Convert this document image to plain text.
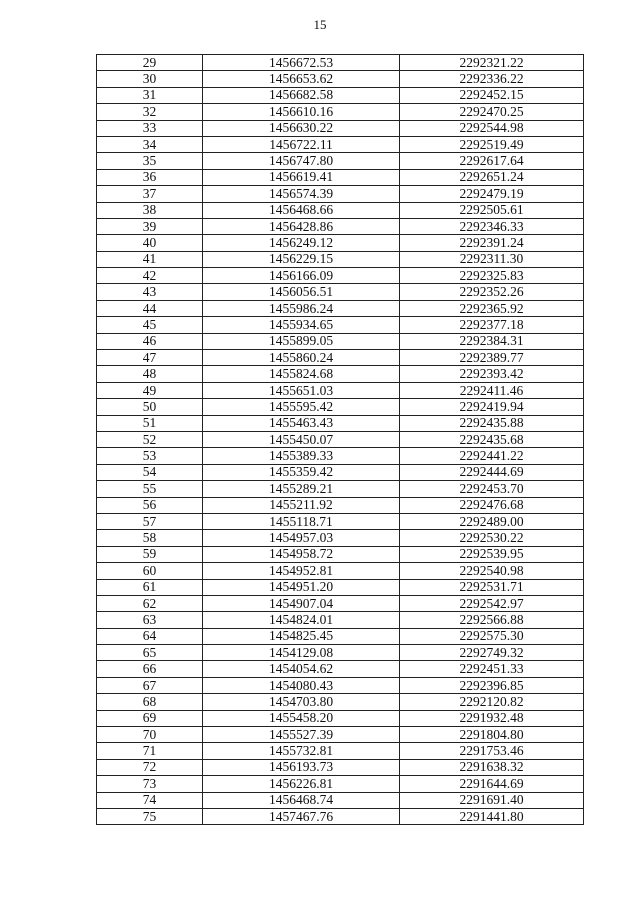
15
29	1456672.53	2292321.22
30	1456653.62	2292336.22
31	1456682.58	2292452.15
32	1456610.16	2292470.25
33	1456630.22	2292544.98
34	1456722.11	2292519.49
35	1456747.80	2292617.64
36	1456619.41	2292651.24
37	1456574.39	2292479.19
38	1456468.66	2292505.61
39	1456428.86	2292346.33
40	1456249.12	2292391.24
41	1456229.15	2292311.30
42	1456166.09	2292325.83
43	1456056.51	2292352.26
44	1455986.24	2292365.92
45	1455934.65	2292377.18
46	1455899.05	2292384.31
47	1455860.24	2292389.77
48	1455824.68	2292393.42
49	1455651.03	2292411.46
50	1455595.42	2292419.94
51	1455463.43	2292435.88
52	1455450.07	2292435.68
53	1455389.33	2292441.22
54	1455359.42	2292444.69
55	1455289.21	2292453.70
56	1455211.92	2292476.68
57	1455118.71	2292489.00
58	1454957.03	2292530.22
59	1454958.72	2292539.95
60	1454952.81	2292540.98
61	1454951.20	2292531.71
62	1454907.04	2292542.97
63	1454824.01	2292566.88
64	1454825.45	2292575.30
65	1454129.08	2292749.32
66	1454054.62	2292451.33
67	1454080.43	2292396.85
68	1454703.80	2292120.82
69	1455458.20	2291932.48
70	1455527.39	2291804.80
71	1455732.81	2291753.46
72	1456193.73	2291638.32
73	1456226.81	2291644.69
74	1456468.74	2291691.40
75	1457467.76	2291441.80
